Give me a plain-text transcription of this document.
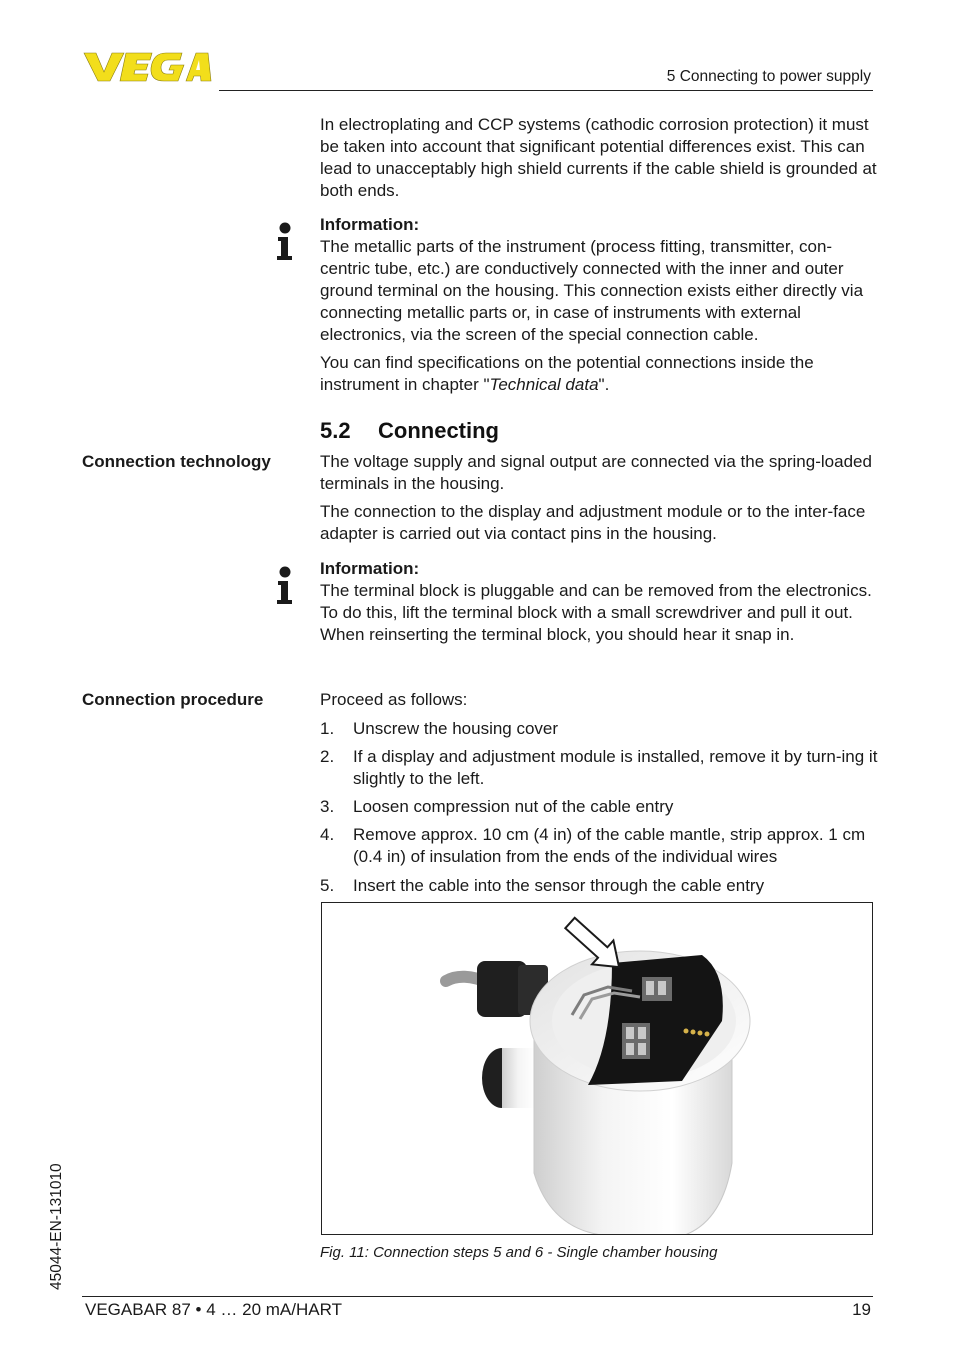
5 Connecting to power supply

In electroplating and CCP systems (cathodic corrosion protection) it must be taken into account that significant potential differences exist. This can lead to unacceptably high shield currents if the cable shield is grounded at both ends.

Information:

The metallic parts of the instrument (process fitting, transmitter, con-centric tube, etc.) are conductively connected with the inner and outer ground terminal on the housing. This connection exists either directly via connecting metallic parts or, in case of instruments with external electronics, via the screen of the special connection cable.

You can find specifications on the potential connections inside the instrument in chapter "Technical data".

5.2 Connecting
Connection technology	The voltage supply and signal output are connected via the spring-loaded terminals in the housing.

The connection to the display and adjustment module or to the inter-face adapter is carried out via contact pins in the housing.

Information:

The terminal block is pluggable and can be removed from the electronics. To do this, lift the terminal block with a small screwdriver and pull it out. When reinserting the terminal block, you should hear it snap in.

Connection procedure	Proceed as follows:
1. Unscrew the housing cover
2. If a display and adjustment module is installed, remove it by turn-ing it slightly to the left.
3. Loosen compression nut of the cable entry
4. Remove approx. 10 cm (4 in) of the cable mantle, strip approx. 1 cm (0.4 in) of insulation from the ends of the individual wires
5. Insert the cable into the sensor through the cable entry
Fig. 11: Connection steps 5 and 6 - Single chamber housing
45044-EN-131010
VEGABAR 87 • 4 … 20 mA/HART	19
